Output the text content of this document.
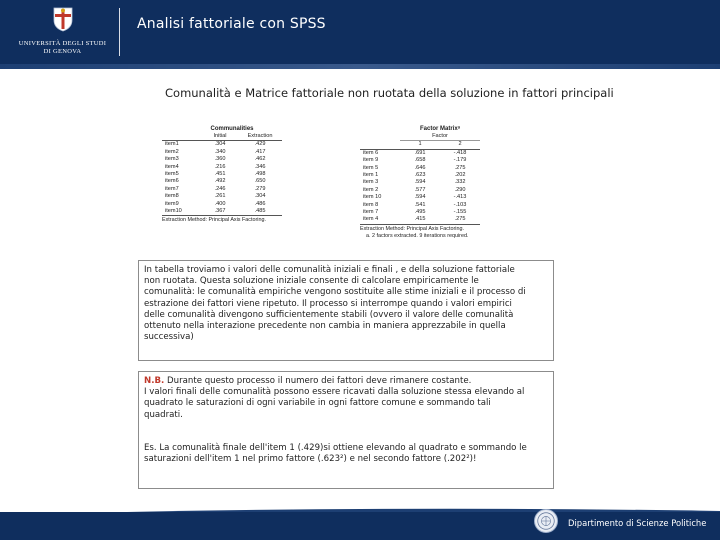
UNIVERSITÀ DEGLI STUDI
DI GENOVA
Analisi fattoriale con SPSS
Comunalità e Matrice fattoriale non ruotata della soluzione in fattori principali
Communalities
	Initial	Extraction
item1	.304	.429
item2	.340	.417
item3	.360	.462
item4	.216	.346
item5	.451	.498
item6	.492	.650
item7	.246	.279
item8	.261	.304
item9	.400	.486
item10	.367	.485
Extraction Method: Principal Axis Factoring.
Factor Matrixᵃ
	Factor	
	1	2
item 6	.691	-.418
item 9	.658	-.179
item 5	.646	.275
item 1	.623	.202
item 3	.594	.332
item 2	.577	.290
item 10	.594	-.413
item 8	.541	-.103
item 7	.495	-.155
item 4	.415	.275
Extraction Method: Principal Axis Factoring.
a. 2 factors extracted. 9 iterations required.
In tabella troviamo i valori delle comunalità iniziali e finali , e della soluzione fattoriale
non ruotata. Questa soluzione iniziale consente di calcolare empiricamente le
comunalità: le comunalità empiriche vengono sostituite alle stime iniziali e il processo di
estrazione dei fattori viene ripetuto. Il processo si interrompe quando i valori empirici
delle comunalità divengono sufficientemente stabili (ovvero il valore delle comunalità
ottenuto nella interazione precedente non cambia in maniera apprezzabile in quella
successiva)
N.B. Durante questo processo il numero dei fattori deve rimanere costante.
I valori finali delle comunalità possono essere ricavati dalla soluzione stessa elevando al
quadrato le saturazioni di ogni variabile in ogni fattore comune e sommando tali
quadrati.
Es. La comunalità finale dell'item 1 (.429)si ottiene elevando al quadrato e sommando le
saturazioni dell'item 1 nel primo fattore (.623²) e nel secondo fattore (.202²)!
Dipartimento di Scienze Politiche
